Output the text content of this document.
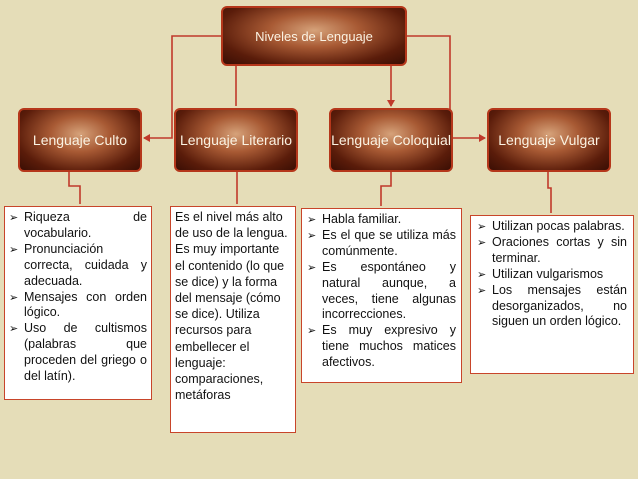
Niveles de Lenguaje
Lenguaje Culto	Lenguaje Literario	Lenguaje Coloquial	Lenguaje Vulgar
➢ Riqueza de vocabulario.
➢ Pronunciación correcta, cuidada y adecuada.
➢ Mensajes con orden lógico.
➢ Uso de cultismos (palabras que proceden del griego o del latín).
Es el nivel más alto de uso de la lengua. Es muy importante el contenido (lo que se dice) y la forma del mensaje (cómo se dice). Utiliza recursos para embellecer el lenguaje: comparaciones, metáforas
➢ Habla familiar.
➢ Es el que se utiliza más comúnmente.
➢ Es espontáneo y natural aunque, a veces, tiene algunas incorrecciones.
➢ Es muy expresivo y tiene muchos matices afectivos.
➢ Utilizan pocas palabras.
➢ Oraciones cortas y sin terminar.
➢ Utilizan vulgarismos
➢ Los mensajes están desorganizados, no siguen un orden lógico.
